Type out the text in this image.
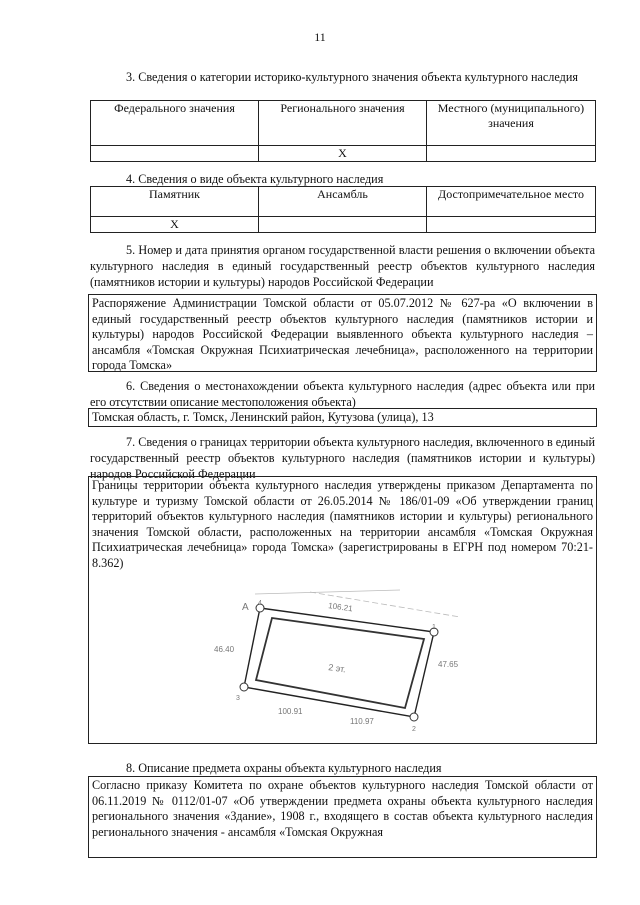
11
3. Сведения о категории историко-культурного значения объекта культурного наследия
Федерального значения	Регионального значения	Местного (муниципального) значения
	Х	
4. Сведения о виде объекта культурного наследия
Памятник	Ансамбль	Достопримечательное место
Х		
5. Номер и дата принятия органом государственной власти решения о включении объекта культурного наследия в единый государственный реестр объектов культурного наследия (памятников истории и культуры) народов Российской Федерации
Распоряжение Администрации Томской области от 05.07.2012 № 627-ра «О включении в единый государственный реестр объектов культурного наследия (памятников истории и культуры) народов Российской Федерации выявленного объекта культурного наследия – ансамбля «Томская Окружная Психиатрическая лечебница», расположенного на территории города Томска»
6. Сведения о местонахождении объекта культурного наследия (адрес объекта или при его отсутствии описание местоположения объекта)
Томская область, г. Томск, Ленинский район, Кутузова (улица), 13
7. Сведения о границах территории объекта культурного наследия, включенного в единый государственный реестр объектов культурного наследия (памятников истории и культуры) народов Российской Федерации
Границы территории объекта культурного наследия утверждены приказом Департамента по культуре и туризму Томской области от 26.05.2014 № 186/01-09 «Об утверждении границ территорий объектов культурного наследия (памятников истории и культуры) регионального значения Томской области, расположенных на территории ансамбля «Томская Окружная Психиатрическая лечебница» города Томска» (зарегистрированы в ЕГРН под номером 70:21-8.362)
4
1
2
3
А	106.21
47.65
46.40
100.91
110.97
2 эт.
8. Описание предмета охраны объекта культурного наследия
Согласно приказу Комитета по охране объектов культурного наследия Томской области от 06.11.2019 № 0112/01-07 «Об утверждении предмета охраны объекта культурного наследия регионального значения «Здание», 1908 г., входящего в состав объекта культурного наследия регионального значения - ансамбля «Томская Окружная
